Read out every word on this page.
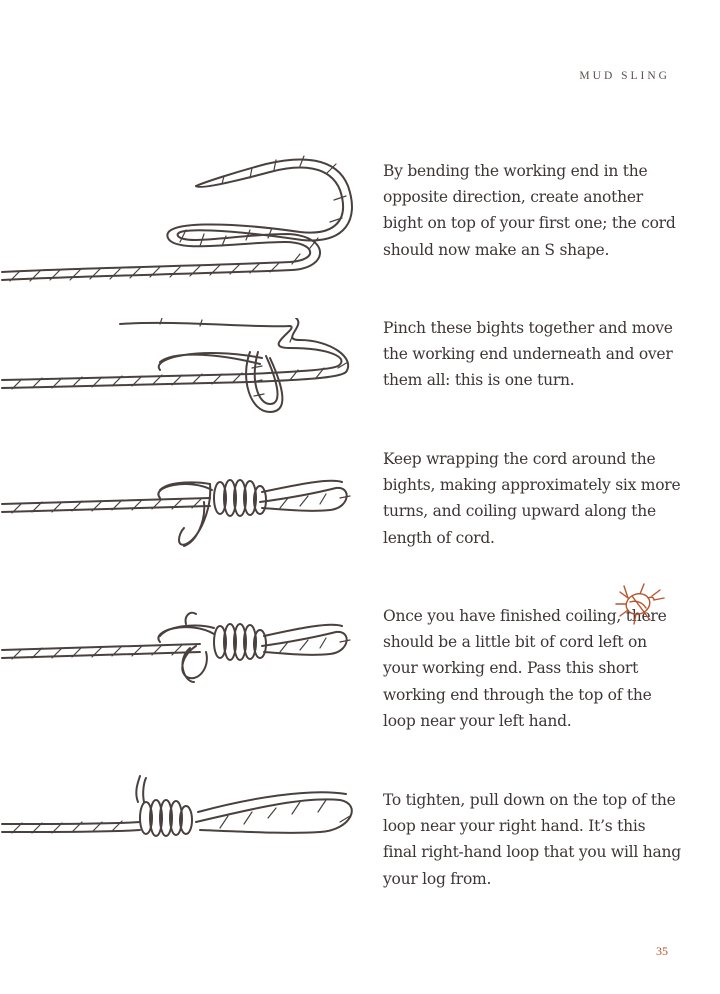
MUD SLING

By bending the working end in the opposite direction, create another bight on top of your first one; the cord should now make an S shape.

Pinch these bights together and move the working end underneath and over them all: this is one turn.

Keep wrapping the cord around the bights, making approximately six more turns, and coiling upward along the length of cord.

Once you have finished coiling, there should be a little bit of cord left on your working end. Pass this short working end through the top of the loop near your left hand.

To tighten, pull down on the top of the loop near your right hand. It’s this final right-hand loop that you will hang your log from.

35
